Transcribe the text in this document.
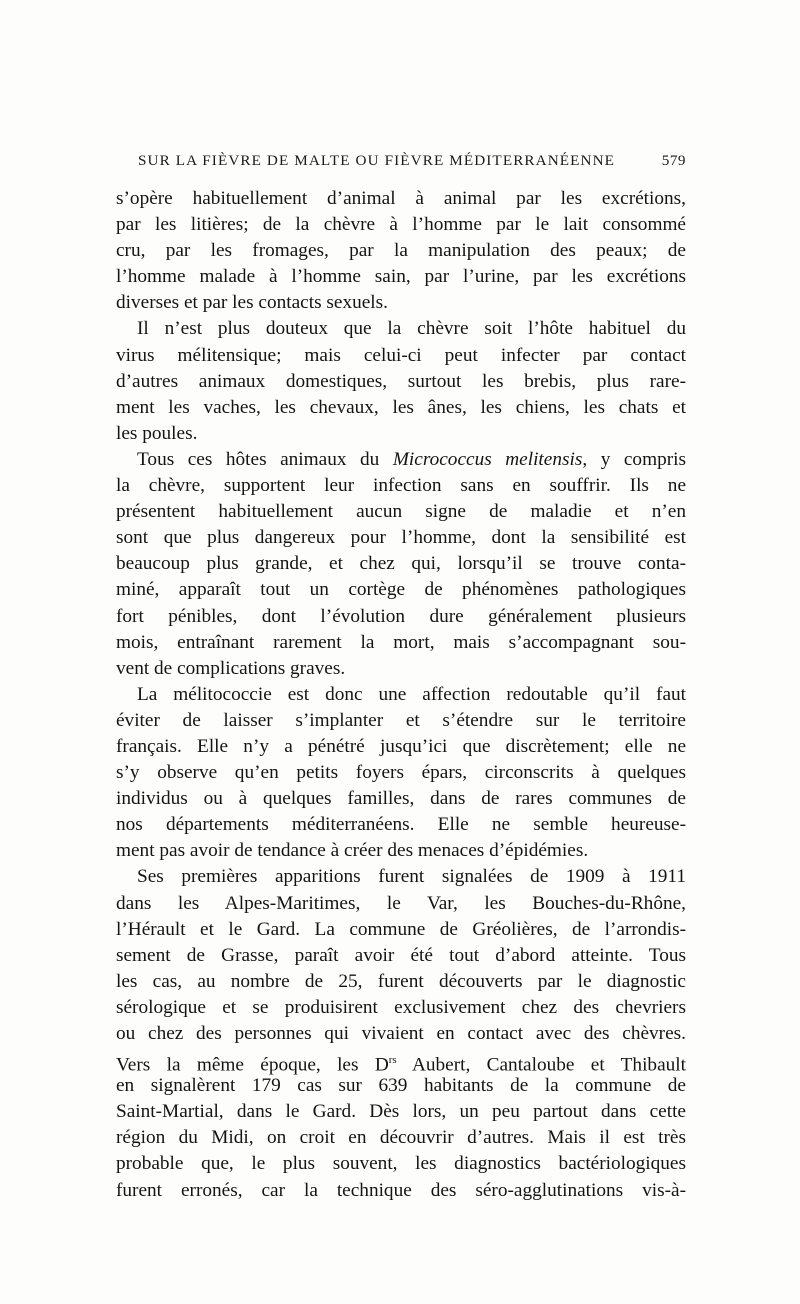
SUR LA FIÈVRE DE MALTE OU FIÈVRE MÉDITERRANÉENNE	579

s’opère habituellement d’animal à animal par les excrétions,
par les litières; de la chèvre à l’homme par le lait consommé
cru, par les fromages, par la manipulation des peaux; de
l’homme malade à l’homme sain, par l’urine, par les excrétions
diverses et par les contacts sexuels.

Il n’est plus douteux que la chèvre soit l’hôte habituel du
virus mélitensique; mais celui-ci peut infecter par contact
d’autres animaux domestiques, surtout les brebis, plus rare-
ment les vaches, les chevaux, les ânes, les chiens, les chats et
les poules.

Tous ces hôtes animaux du Micrococcus melitensis, y compris
la chèvre, supportent leur infection sans en souffrir. Ils ne
présentent habituellement aucun signe de maladie et n’en
sont que plus dangereux pour l’homme, dont la sensibilité est
beaucoup plus grande, et chez qui, lorsqu’il se trouve conta-
miné, apparaît tout un cortège de phénomènes pathologiques
fort pénibles, dont l’évolution dure généralement plusieurs
mois, entraînant rarement la mort, mais s’accompagnant sou-
vent de complications graves.

La mélitococcie est donc une affection redoutable qu’il faut
éviter de laisser s’implanter et s’étendre sur le territoire
français. Elle n’y a pénétré jusqu’ici que discrètement; elle ne
s’y observe qu’en petits foyers épars, circonscrits à quelques
individus ou à quelques familles, dans de rares communes de
nos départements méditerranéens. Elle ne semble heureuse-
ment pas avoir de tendance à créer des menaces d’épidémies.

Ses premières apparitions furent signalées de 1909 à 1911
dans les Alpes-Maritimes, le Var, les Bouches-du-Rhône,
l’Hérault et le Gard. La commune de Gréolières, de l’arrondis-
sement de Grasse, paraît avoir été tout d’abord atteinte. Tous
les cas, au nombre de 25, furent découverts par le diagnostic
sérologique et se produisirent exclusivement chez des chevriers
ou chez des personnes qui vivaient en contact avec des chèvres.
Vers la même époque, les $D^{rs}$ Aubert, Cantaloube et Thibault
en signalèrent 179 cas sur 639 habitants de la commune de
Saint-Martial, dans le Gard. Dès lors, un peu partout dans cette
région du Midi, on croit en découvrir d’autres. Mais il est très
probable que, le plus souvent, les diagnostics bactériologiques
furent erronés, car la technique des séro-agglutinations vis-à-
